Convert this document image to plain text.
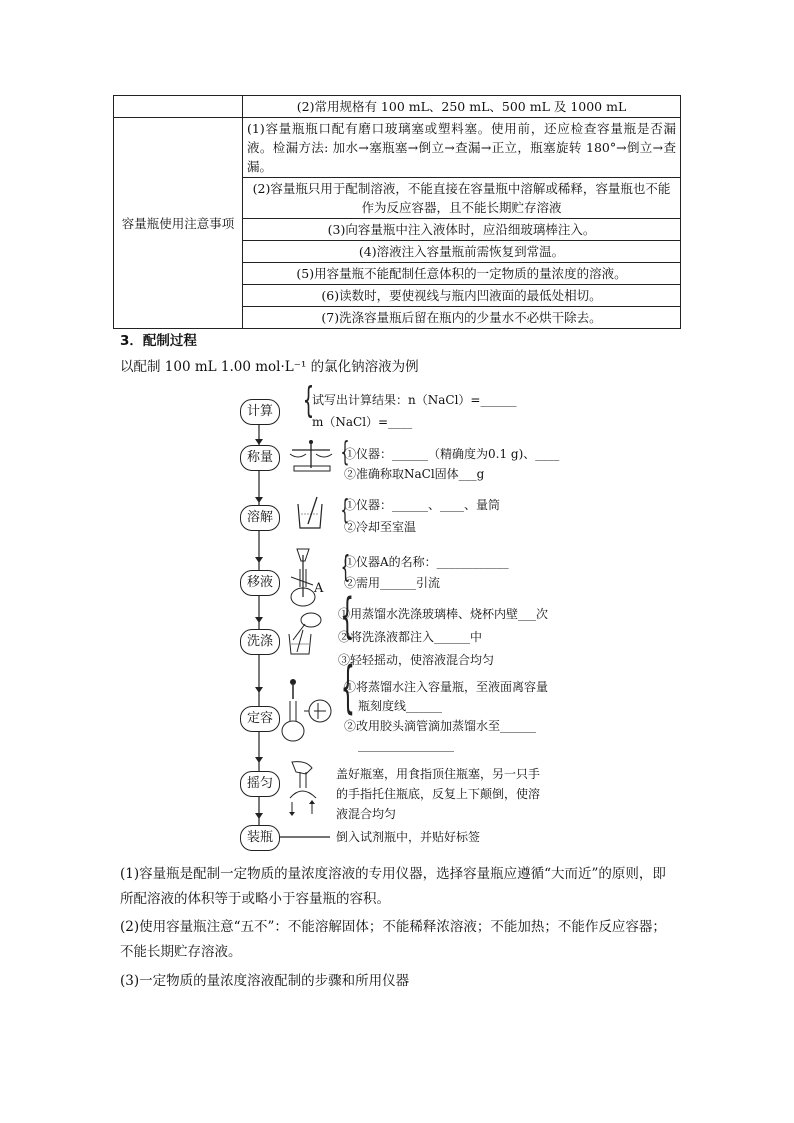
	(2)常用规格有 100 mL、250 mL、500 mL 及 1000 mL
容量瓶使用注意事项	(1)容量瓶瓶口配有磨口玻璃塞或塑料塞。使用前，还应检查容量瓶是否漏液。检漏方法: 加水→塞瓶塞→倒立→查漏→正立，瓶塞旋转 180°→倒立→查漏。
	(2)容量瓶只用于配制溶液，不能直接在容量瓶中溶解或稀释，容量瓶也不能作为反应容器，且不能长期贮存溶液
	(3)向容量瓶中注入液体时，应沿细玻璃棒注入。
	(4)溶液注入容量瓶前需恢复到常温。
	(5)用容量瓶不能配制任意体积的一定物质的量浓度的溶液。
	(6)读数时，要使视线与瓶内凹液面的最低处相切。
	(7)洗涤容量瓶后留在瓶内的少量水不必烘干除去。
3．配制过程
以配制 100 mL 1.00 mol·L⁻¹ 的氯化钠溶液为例
计算
称量
溶解
移液
洗涤
定容
摇匀
装瓶
A
{
{
{
{
{
{
试写出计算结果：n（NaCl）=______
m（NaCl）=____
①仪器：______（精确度为0.1 g)、____
②准确称取NaCl固体___g
①仪器：______、____、量筒
②冷却至室温
①仪器A的名称：____________
②需用______引流
①用蒸馏水洗涤玻璃棒、烧杯内壁___次
②将洗涤液都注入______中
③轻轻摇动，使溶液混合均匀
①将蒸馏水注入容量瓶，至液面离容量
瓶刻度线______
②改用胶头滴管滴加蒸馏水至______
________________
盖好瓶塞，用食指顶住瓶塞，另一只手
的手指托住瓶底，反复上下颠倒，使溶
液混合均匀
倒入试剂瓶中，并贴好标签
(1)容量瓶是配制一定物质的量浓度溶液的专用仪器，选择容量瓶应遵循“大而近”的原则，即所配溶液的体积等于或略小于容量瓶的容积。
(2)使用容量瓶注意“五不”：不能溶解固体；不能稀释浓溶液；不能加热；不能作反应容器；不能长期贮存溶液。
(3)一定物质的量浓度溶液配制的步骤和所用仪器
